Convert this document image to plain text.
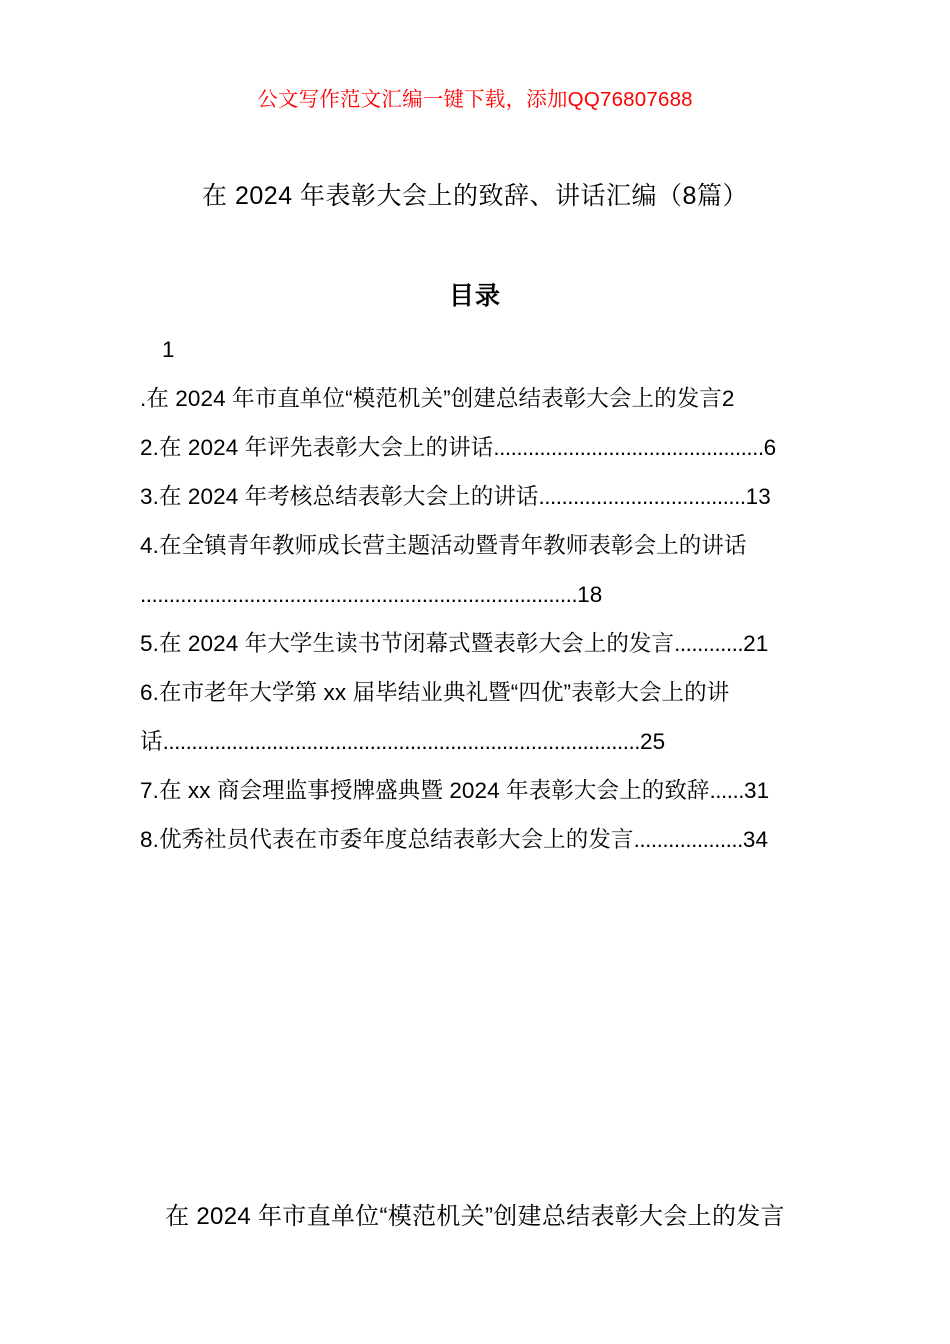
公文写作范文汇编一键下载，添加QQ76807688
在 2024 年表彰大会上的致辞、讲话汇编（8篇）
目录
1
.在 2024 年市直单位“模范机关”创建总结表彰大会上的发言2
2.在 2024 年评先表彰大会上的讲话...............................................6
3.在 2024 年考核总结表彰大会上的讲话....................................13
4.在全镇青年教师成长营主题活动暨青年教师表彰会上的讲话
............................................................................18
5.在 2024 年大学生读书节闭幕式暨表彰大会上的发言............21
6.在市老年大学第 xx 届毕结业典礼暨“四优”表彰大会上的讲
话...................................................................................25
7.在 xx 商会理监事授牌盛典暨 2024 年表彰大会上的致辞......31
8.优秀社员代表在市委年度总结表彰大会上的发言...................34
在 2024 年市直单位“模范机关”创建总结表彰大会上的发言
